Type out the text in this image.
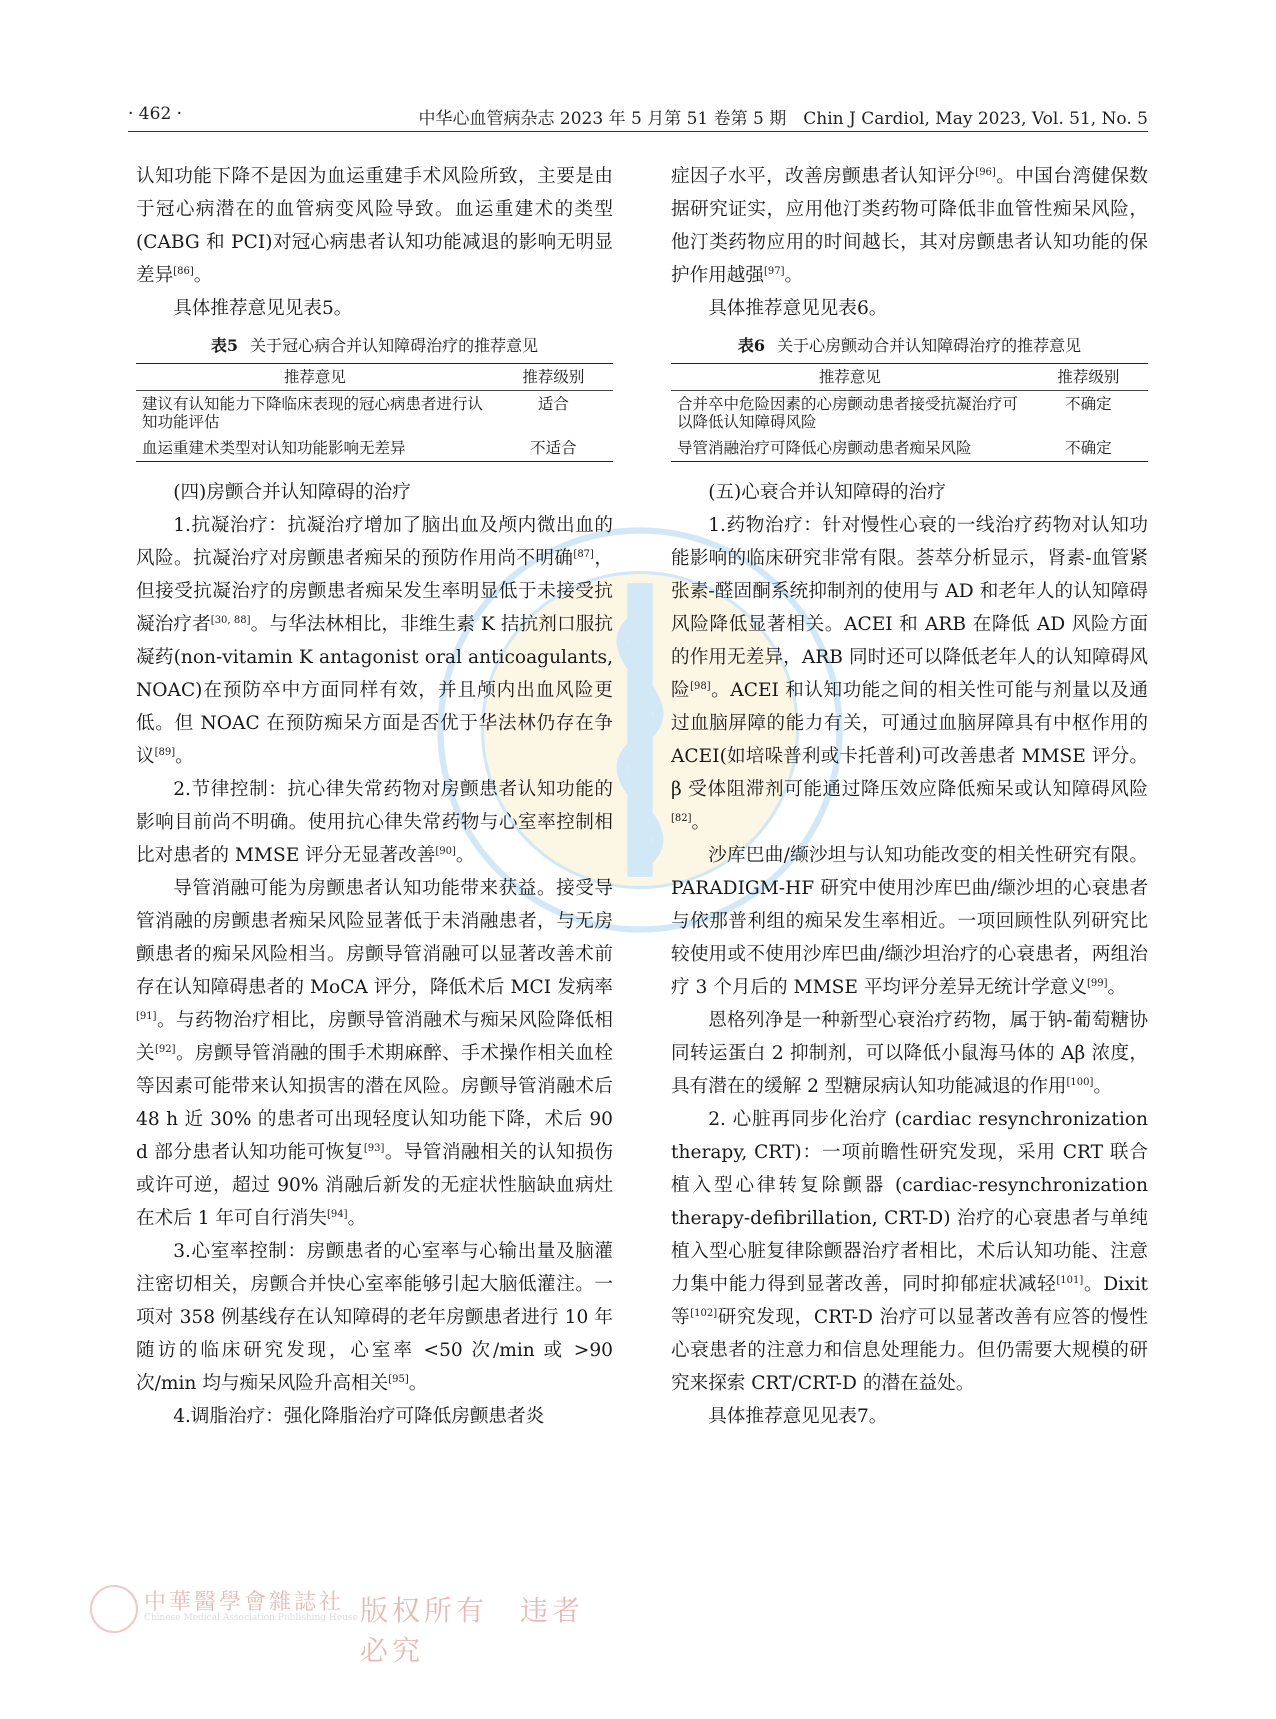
· 462 ·	中华心血管病杂志 2023 年 5 月第 51 卷第 5 期　Chin J Cardiol, May 2023, Vol. 51, No. 5

认知功能下降不是因为血运重建手术风险所致，主要是由于冠心病潜在的血管病变风险导致。血运重建术的类型(CABG 和 PCI)对冠心病患者认知功能减退的影响无明显差异[86]。

具体推荐意见见表5。

表5 关于冠心病合并认知障碍治疗的推荐意见
推荐意见	推荐级别
建议有认知能力下降临床表现的冠心病患者进行认知功能评估	适合
血运重建术类型对认知功能影响无差异	不适合
(四)房颤合并认知障碍的治疗

1.抗凝治疗：抗凝治疗增加了脑出血及颅内微出血的风险。抗凝治疗对房颤患者痴呆的预防作用尚不明确[87]，但接受抗凝治疗的房颤患者痴呆发生率明显低于未接受抗凝治疗者[30, 88]。与华法林相比，非维生素 K 拮抗剂口服抗凝药(non-vitamin K antagonist oral anticoagulants, NOAC)在预防卒中方面同样有效，并且颅内出血风险更低。但 NOAC 在预防痴呆方面是否优于华法林仍存在争议[89]。

2.节律控制：抗心律失常药物对房颤患者认知功能的影响目前尚不明确。使用抗心律失常药物与心室率控制相比对患者的 MMSE 评分无显著改善[90]。

导管消融可能为房颤患者认知功能带来获益。接受导管消融的房颤患者痴呆风险显著低于未消融患者，与无房颤患者的痴呆风险相当。房颤导管消融可以显著改善术前存在认知障碍患者的 MoCA 评分，降低术后 MCI 发病率[91]。与药物治疗相比，房颤导管消融术与痴呆风险降低相关[92]。房颤导管消融的围手术期麻醉、手术操作相关血栓等因素可能带来认知损害的潜在风险。房颤导管消融术后 48 h 近 30% 的患者可出现轻度认知功能下降，术后 90 d 部分患者认知功能可恢复[93]。导管消融相关的认知损伤或许可逆，超过 90% 消融后新发的无症状性脑缺血病灶在术后 1 年可自行消失[94]。

3.心室率控制：房颤患者的心室率与心输出量及脑灌注密切相关，房颤合并快心室率能够引起大脑低灌注。一项对 358 例基线存在认知障碍的老年房颤患者进行 10 年随访的临床研究发现，心室率 <50 次/min 或 >90 次/min 均与痴呆风险升高相关[95]。

4.调脂治疗：强化降脂治疗可降低房颤患者炎

症因子水平，改善房颤患者认知评分[96]。中国台湾健保数据研究证实，应用他汀类药物可降低非血管性痴呆风险，他汀类药物应用的时间越长，其对房颤患者认知功能的保护作用越强[97]。

具体推荐意见见表6。

表6 关于心房颤动合并认知障碍治疗的推荐意见
推荐意见	推荐级别
合并卒中危险因素的心房颤动患者接受抗凝治疗可以降低认知障碍风险	不确定
导管消融治疗可降低心房颤动患者痴呆风险	不确定
(五)心衰合并认知障碍的治疗

1.药物治疗：针对慢性心衰的一线治疗药物对认知功能影响的临床研究非常有限。荟萃分析显示，肾素-血管紧张素-醛固酮系统抑制剂的使用与 AD 和老年人的认知障碍风险降低显著相关。ACEI 和 ARB 在降低 AD 风险方面的作用无差异，ARB 同时还可以降低老年人的认知障碍风险[98]。ACEI 和认知功能之间的相关性可能与剂量以及通过血脑屏障的能力有关，可通过血脑屏障具有中枢作用的 ACEI(如培哚普利或卡托普利)可改善患者 MMSE 评分。β 受体阻滞剂可能通过降压效应降低痴呆或认知障碍风险[82]。

沙库巴曲/缬沙坦与认知功能改变的相关性研究有限。PARADIGM-HF 研究中使用沙库巴曲/缬沙坦的心衰患者与依那普利组的痴呆发生率相近。一项回顾性队列研究比较使用或不使用沙库巴曲/缬沙坦治疗的心衰患者，两组治疗 3 个月后的 MMSE 平均评分差异无统计学意义[99]。

恩格列净是一种新型心衰治疗药物，属于钠-葡萄糖协同转运蛋白 2 抑制剂，可以降低小鼠海马体的 Aβ 浓度，具有潜在的缓解 2 型糖尿病认知功能减退的作用[100]。

2. 心脏再同步化治疗 (cardiac resynchronization therapy, CRT)：一项前瞻性研究发现，采用 CRT 联合植入型心律转复除颤器 (cardiac-resynchronization therapy-defibrillation, CRT-D) 治疗的心衰患者与单纯植入型心脏复律除颤器治疗者相比，术后认知功能、注意力集中能力得到显著改善，同时抑郁症状减轻[101]。Dixit 等[102]研究发现，CRT-D 治疗可以显著改善有应答的慢性心衰患者的注意力和信息处理能力。但仍需要大规模的研究来探索 CRT/CRT-D 的潜在益处。

具体推荐意见见表7。

中華醫學會雜誌社
Chinese Medical Association Publishing House 版权所有　违者必究
